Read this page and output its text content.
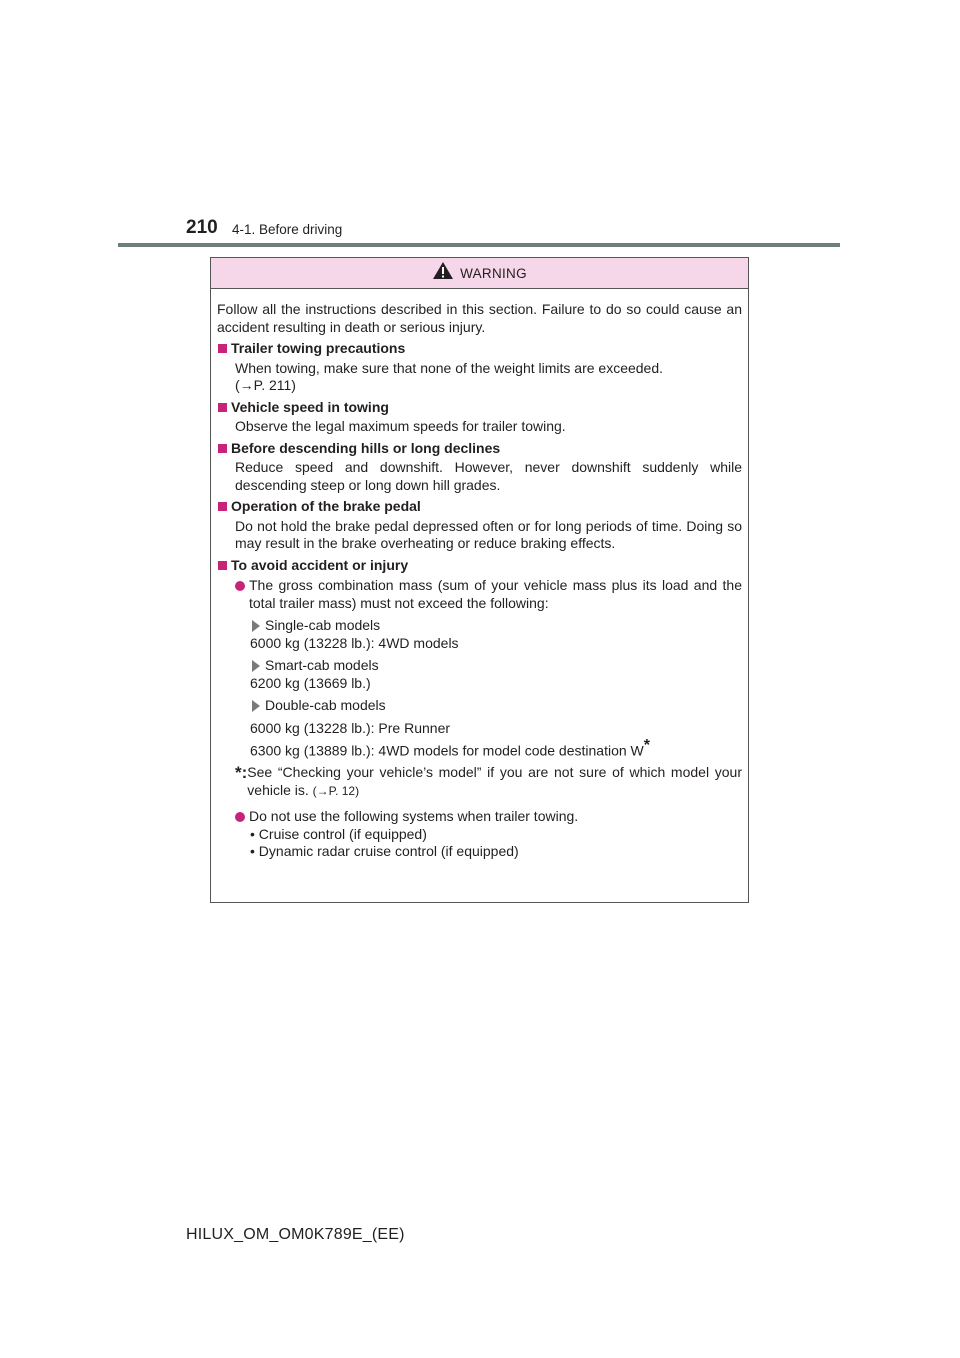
210 4-1. Before driving
WARNING

Follow all the instructions described in this section. Failure to do so could cause an accident resulting in death or serious injury.

Trailer towing precautions

When towing, make sure that none of the weight limits are exceeded.

(→P. 211)

Vehicle speed in towing

Observe the legal maximum speeds for trailer towing.

Before descending hills or long declines

Reduce speed and downshift. However, never downshift suddenly while descending steep or long down hill grades.

Operation of the brake pedal

Do not hold the brake pedal depressed often or for long periods of time. Doing so may result in the brake overheating or reduce braking effects.

To avoid accident or injury
The gross combination mass (sum of your vehicle mass plus its load and the total trailer mass) must not exceed the following:
Single-cab models

6000 kg (13228 lb.): 4WD models

Smart-cab models

6200 kg (13669 lb.)

Double-cab models

6000 kg (13228 lb.): Pre Runner
6300 kg (13889 lb.): 4WD models for model code destination W*

*: See “Checking your vehicle’s model” if you are not sure of which model your vehicle is. (→P. 12)
Do not use the following systems when trailer towing.

• Cruise control (if equipped)

• Dynamic radar cruise control (if equipped)

HILUX_OM_OM0K789E_(EE)
